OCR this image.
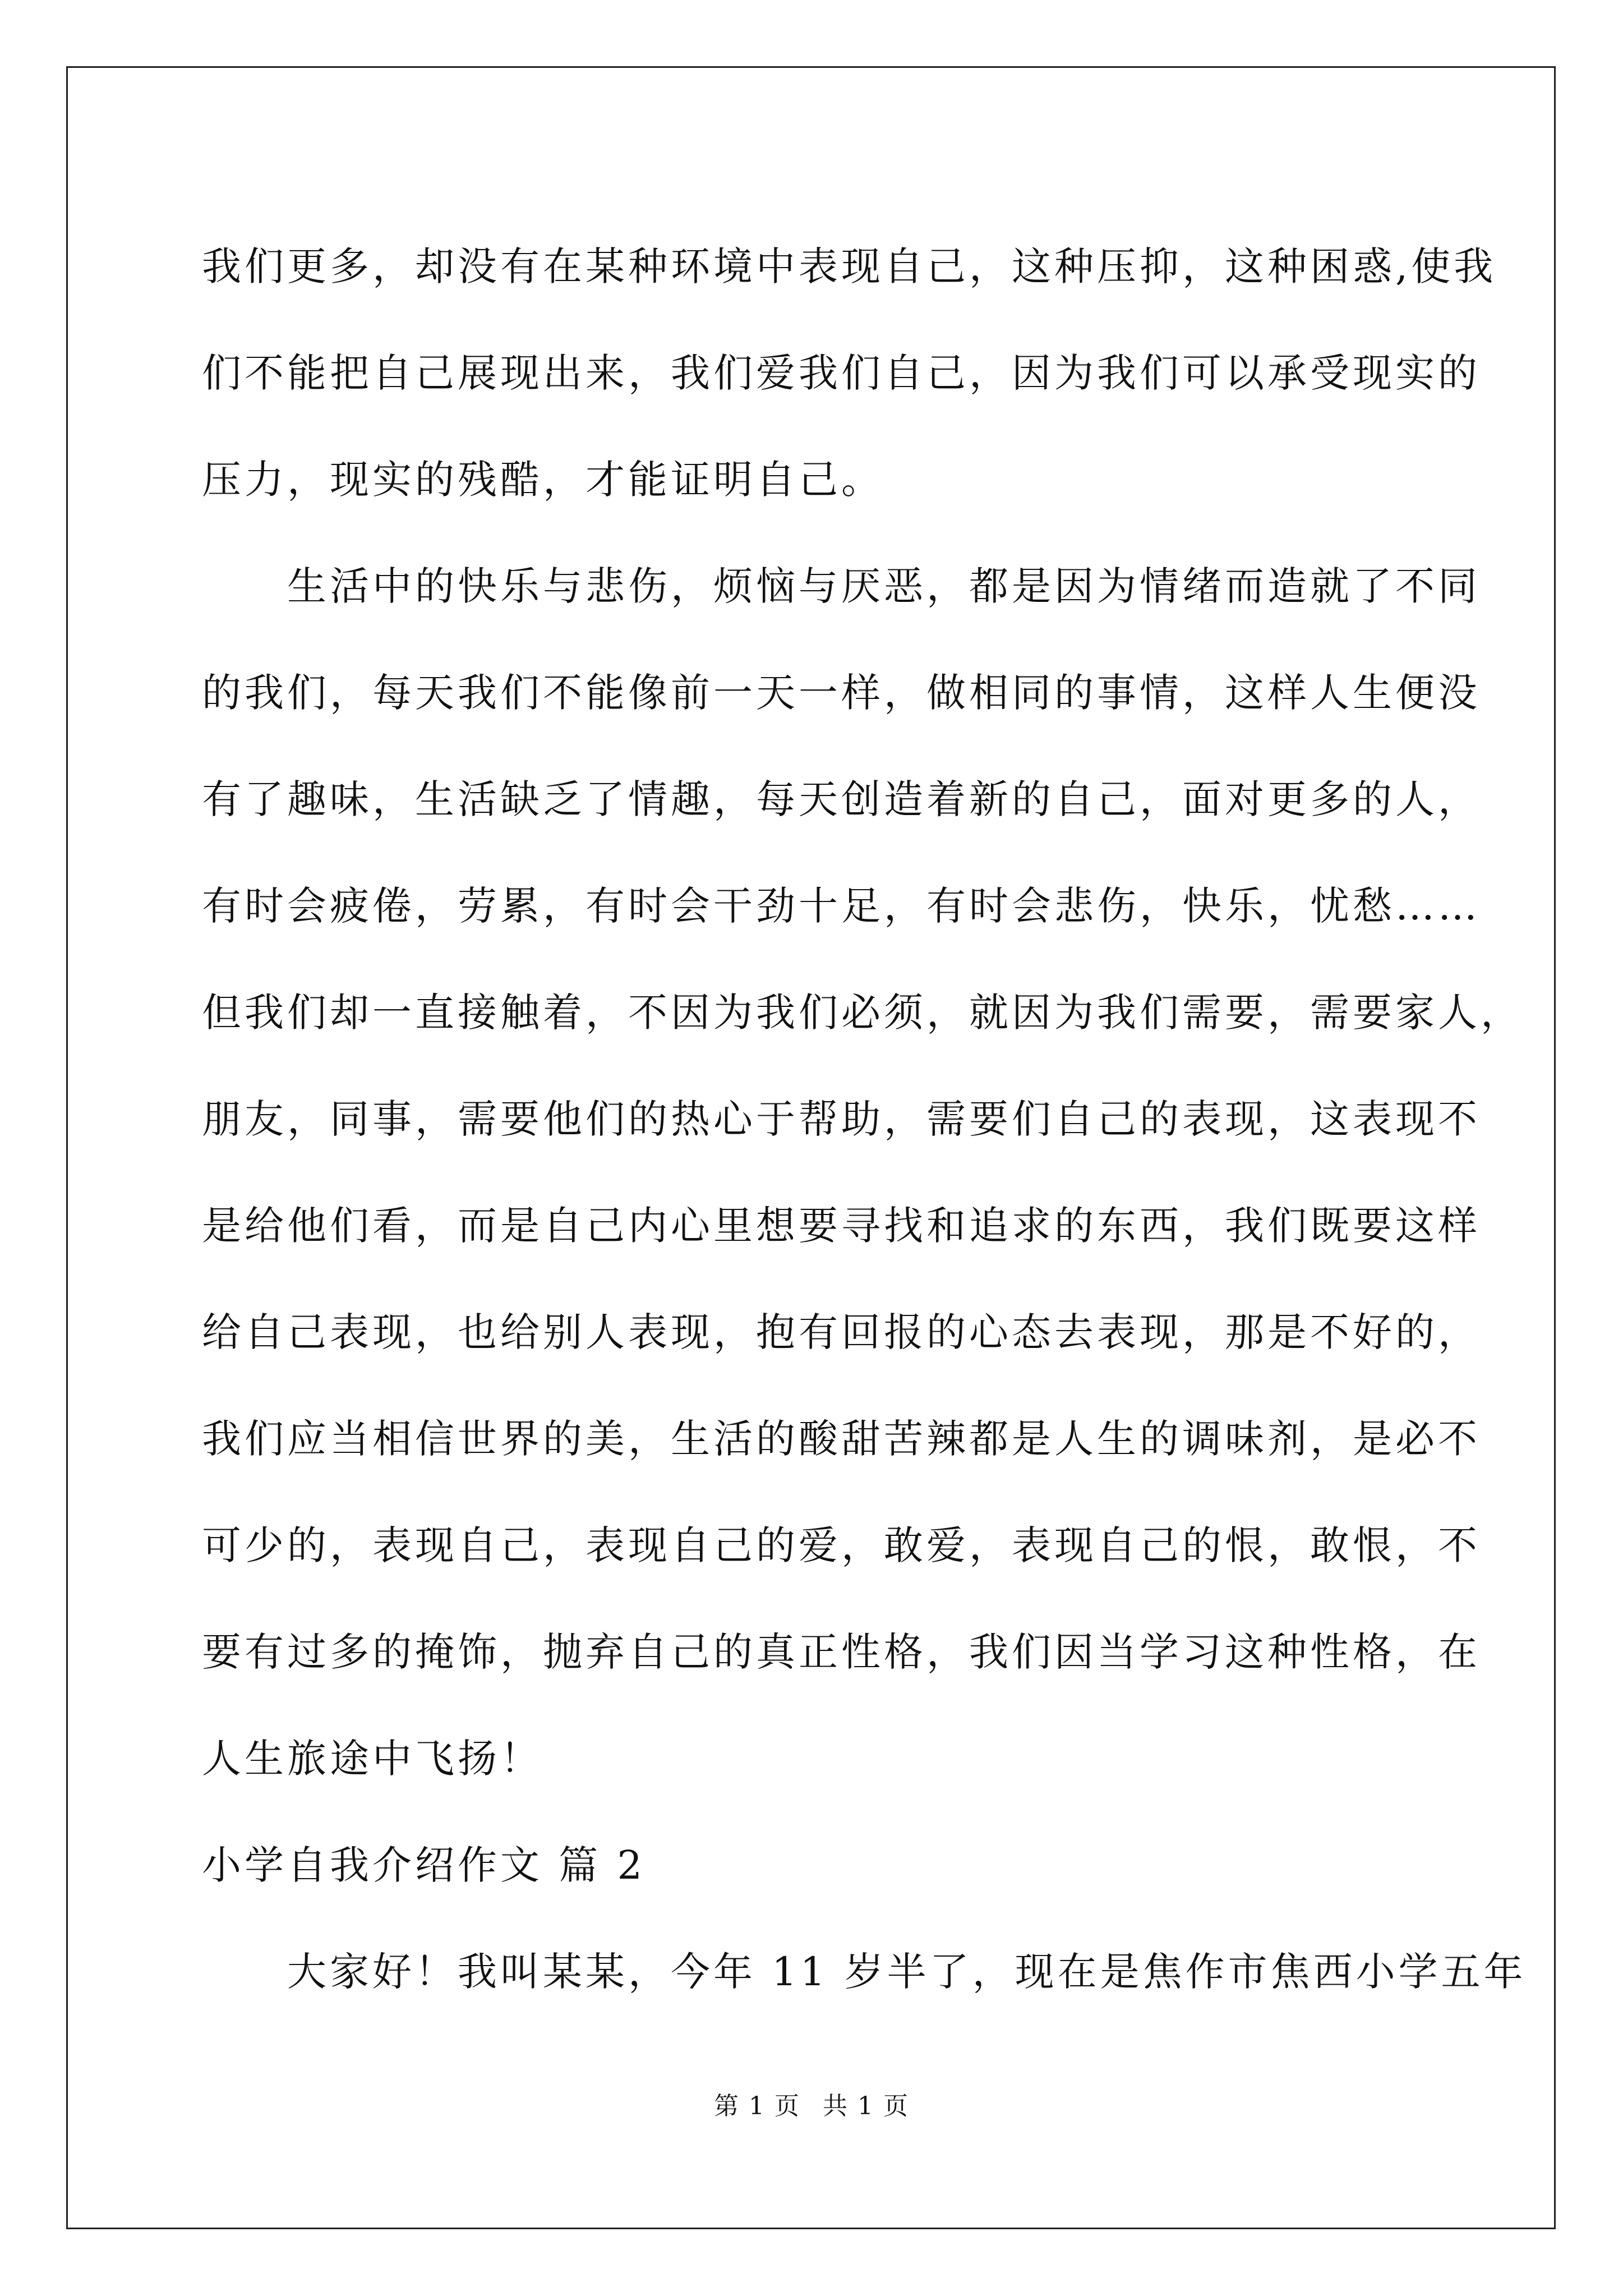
我们更多，却没有在某种环境中表现自己，这种压抑，这种困惑,使我
们不能把自己展现出来，我们爱我们自己，因为我们可以承受现实的
压力，现实的残酷，才能证明自己。
　　生活中的快乐与悲伤，烦恼与厌恶，都是因为情绪而造就了不同
的我们，每天我们不能像前一天一样，做相同的事情，这样人生便没
有了趣味，生活缺乏了情趣，每天创造着新的自己，面对更多的人，
有时会疲倦，劳累，有时会干劲十足，有时会悲伤，快乐，忧愁……
但我们却一直接触着，不因为我们必须，就因为我们需要，需要家人，
朋友，同事，需要他们的热心于帮助，需要们自己的表现，这表现不
是给他们看，而是自己内心里想要寻找和追求的东西，我们既要这样
给自己表现，也给别人表现，抱有回报的心态去表现，那是不好的，
我们应当相信世界的美，生活的酸甜苦辣都是人生的调味剂，是必不
可少的，表现自己，表现自己的爱，敢爱，表现自己的恨，敢恨，不
要有过多的掩饰，抛弃自己的真正性格，我们因当学习这种性格，在
人生旅途中飞扬！
小学自我介绍作文 篇 2
　　大家好！我叫某某，今年 11 岁半了，现在是焦作市焦西小学五年
第 1 页 共 1 页
